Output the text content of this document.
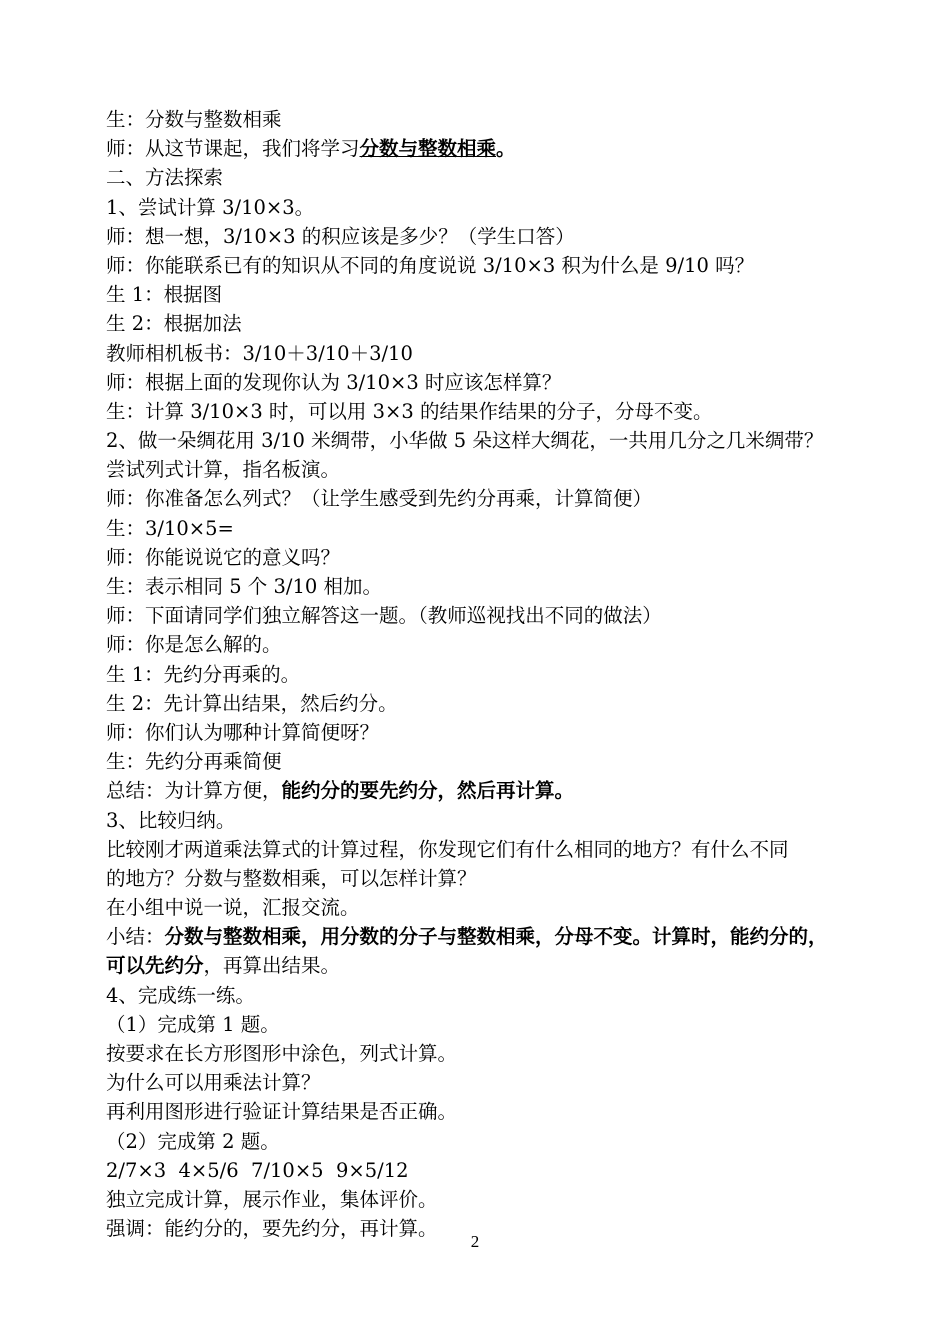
生：分数与整数相乘
师：从这节课起，我们将学习分数与整数相乘。
二、方法探索
1、尝试计算 3/10×3。
师：想一想，3/10×3 的积应该是多少？（学生口答）
师：你能联系已有的知识从不同的角度说说 3/10×3 积为什么是 9/10 吗？
生 1：根据图
生 2：根据加法
教师相机板书：3/10＋3/10＋3/10
师：根据上面的发现你认为 3/10×3 时应该怎样算？
生：计算 3/10×3 时，可以用 3×3 的结果作结果的分子，分母不变。
2、做一朵绸花用 3/10 米绸带，小华做 5 朵这样大绸花，一共用几分之几米绸带？
尝试列式计算，指名板演。
师：你准备怎么列式？（让学生感受到先约分再乘，计算简便）
生：3/10×5=
师：你能说说它的意义吗？
生：表示相同 5 个 3/10 相加。
师：下面请同学们独立解答这一题。（教师巡视找出不同的做法）
师：你是怎么解的。
生 1：先约分再乘的。
生 2：先计算出结果，然后约分。
师：你们认为哪种计算简便呀？
生：先约分再乘简便
总结：为计算方便，能约分的要先约分，然后再计算。
3、比较归纳。
比较刚才两道乘法算式的计算过程，你发现它们有什么相同的地方？有什么不同
的地方？分数与整数相乘，可以怎样计算？
在小组中说一说，汇报交流。
小结：分数与整数相乘，用分数的分子与整数相乘，分母不变。计算时，能约分的，
可以先约分，再算出结果。
4、完成练一练。
（1）完成第 1 题。
按要求在长方形图形中涂色，列式计算。
为什么可以用乘法计算？
再利用图形进行验证计算结果是否正确。
（2）完成第 2 题。
2/7×3  4×5/6  7/10×5  9×5/12
独立完成计算，展示作业，集体评价。
强调：能约分的，要先约分，再计算。
2
